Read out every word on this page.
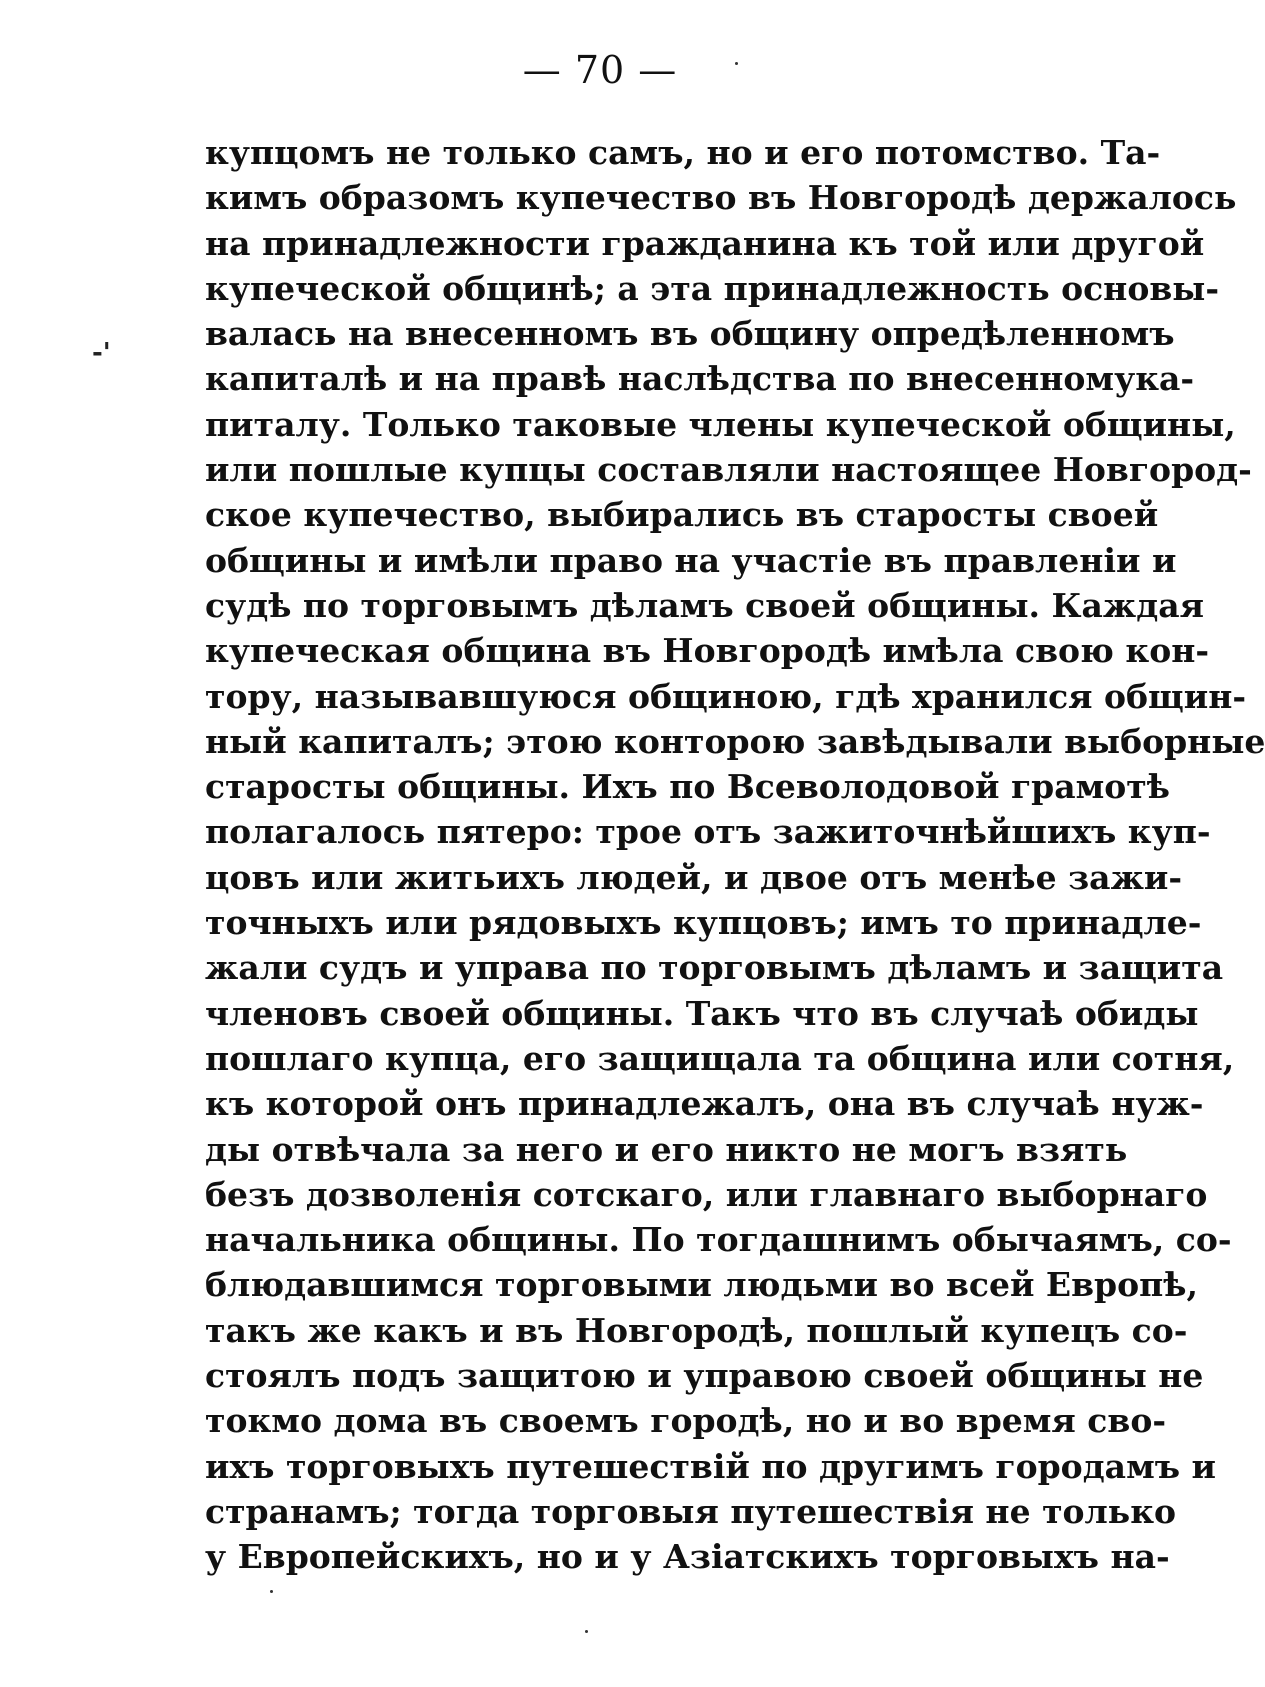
— 70 —
-'
купцомъ не только самъ, но и его потомство. Та-
кимъ образомъ купечество въ Новгородѣ держалось
на принадлежности гражданина къ той или другой
купеческой общинѣ; а эта принадлежность основы-
валась на внесенномъ въ общину опредѣленномъ
капиталѣ и на правѣ наслѣдства по внесенномука-
питалу. Только таковые члены купеческой общины,
или пошлые купцы составляли настоящее Новгород-
ское купечество, выбирались въ старосты своей
общины и имѣли право на участіе въ правленіи и
судѣ по торговымъ дѣламъ своей общины. Каждая
купеческая община въ Новгородѣ имѣла свою кон-
тору, называвшуюся общиною, гдѣ хранился общин-
ный капиталъ; этою конторою завѣдывали выборные
старосты общины. Ихъ по Всеволодовой грамотѣ
полагалось пятеро: трое отъ зажиточнѣйшихъ куп-
цовъ или житьихъ людей, и двое отъ менѣе зажи-
точныхъ или рядовыхъ купцовъ; имъ то принадле-
жали судъ и управа по торговымъ дѣламъ и защита
членовъ своей общины. Такъ что въ случаѣ обиды
пошлаго купца, его защищала та община или сотня,
къ которой онъ принадлежалъ, она въ случаѣ нуж-
ды отвѣчала за него и его никто не могъ взять
безъ дозволенія сотскаго, или главнаго выборнаго
начальника общины. По тогдашнимъ обычаямъ, со-
блюдавшимся торговыми людьми во всей Европѣ,
такъ же какъ и въ Новгородѣ, пошлый купецъ со-
стоялъ подъ защитою и управою своей общины не
токмо дома въ своемъ городѣ, но и во время сво-
ихъ торговыхъ путешествій по другимъ городамъ и
странамъ; тогда торговыя путешествія не только
у Европейскихъ, но и у Азіатскихъ торговыхъ на-
